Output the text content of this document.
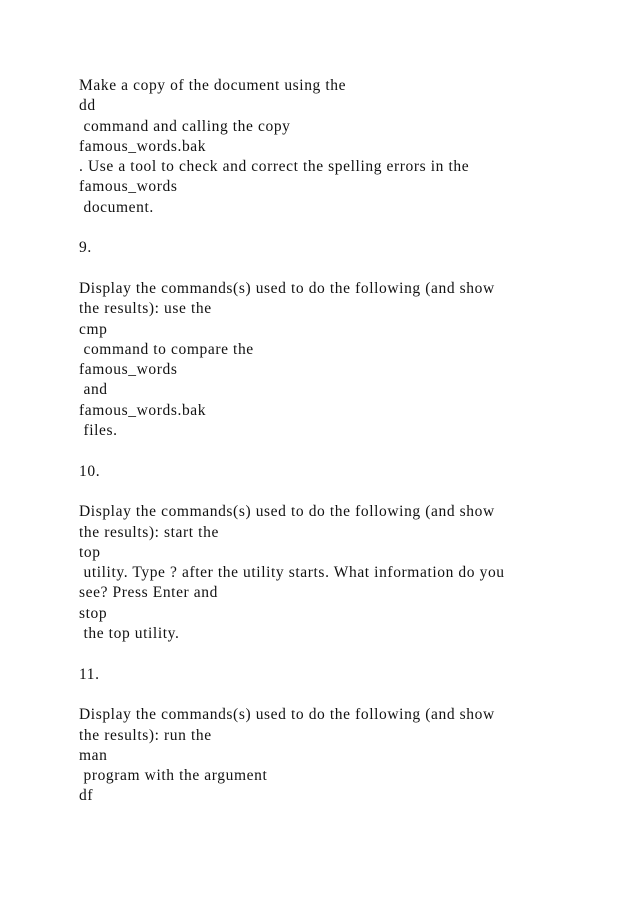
Make a copy of the document using the
dd
command and calling the copy
famous_words.bak
. Use a tool to check and correct the spelling errors in the
famous_words
document.
9.
Display the commands(s) used to do the following (and show
the results): use the
cmp
command to compare the
famous_words
and
famous_words.bak
files.
10.
Display the commands(s) used to do the following (and show
the results): start the
top
utility. Type ? after the utility starts. What information do you
see? Press Enter and
stop
the top utility.
11.
Display the commands(s) used to do the following (and show
the results): run the
man
program with the argument
df
